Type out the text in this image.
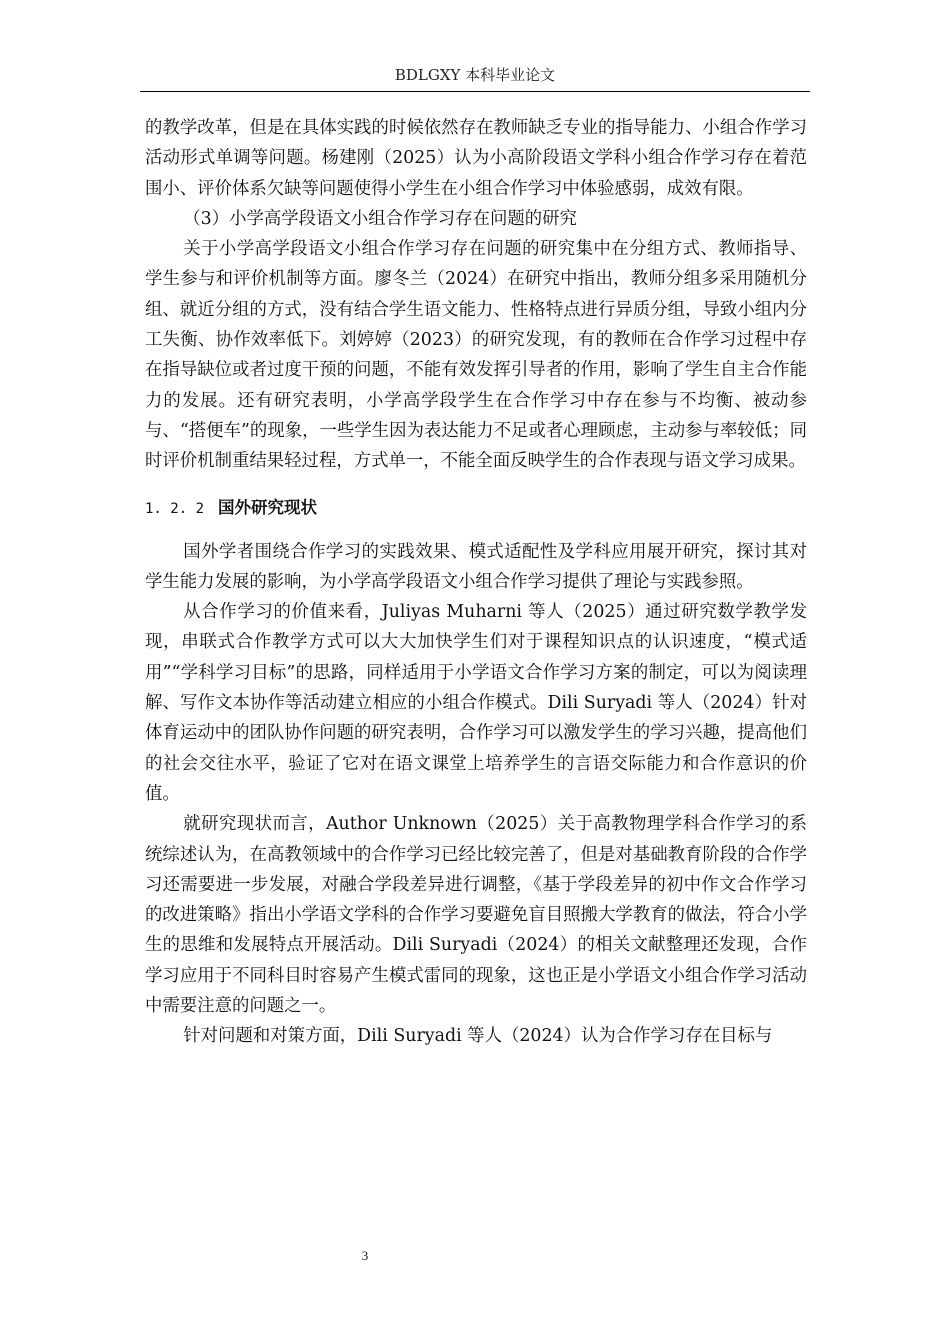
BDLGXY 本科毕业论文

的教学改革，但是在具体实践的时候依然存在教师缺乏专业的指导能力、小组合作学习活动形式单调等问题。杨建刚（2025）认为小高阶段语文学科小组合作学习存在着范围小、评价体系欠缺等问题使得小学生在小组合作学习中体验感弱，成效有限。

（3）小学高学段语文小组合作学习存在问题的研究

关于小学高学段语文小组合作学习存在问题的研究集中在分组方式、教师指导、学生参与和评价机制等方面。廖冬兰（2024）在研究中指出，教师分组多采用随机分组、就近分组的方式，没有结合学生语文能力、性格特点进行异质分组，导致小组内分工失衡、协作效率低下。刘婷婷（2023）的研究发现，有的教师在合作学习过程中存在指导缺位或者过度干预的问题，不能有效发挥引导者的作用，影响了学生自主合作能力的发展。还有研究表明，小学高学段学生在合作学习中存在参与不均衡、被动参与、“搭便车”的现象，一些学生因为表达能力不足或者心理顾虑，主动参与率较低；同时评价机制重结果轻过程，方式单一，不能全面反映学生的合作表现与语文学习成果。

1. 2. 2 国外研究现状

国外学者围绕合作学习的实践效果、模式适配性及学科应用展开研究，探讨其对学生能力发展的影响，为小学高学段语文小组合作学习提供了理论与实践参照。

从合作学习的价值来看，Juliyas Muharni 等人（2025）通过研究数学教学发现，串联式合作教学方式可以大大加快学生们对于课程知识点的认识速度，“模式适用”“学科学习目标”的思路，同样适用于小学语文合作学习方案的制定，可以为阅读理解、写作文本协作等活动建立相应的小组合作模式。Dili Suryadi 等人（2024）针对体育运动中的团队协作问题的研究表明，合作学习可以激发学生的学习兴趣，提高他们的社会交往水平，验证了它对在语文课堂上培养学生的言语交际能力和合作意识的价值。

就研究现状而言，Author Unknown（2025）关于高教物理学科合作学习的系统综述认为，在高教领域中的合作学习已经比较完善了，但是对基础教育阶段的合作学习还需要进一步发展，对融合学段差异进行调整，《基于学段差异的初中作文合作学习的改进策略》指出小学语文学科的合作学习要避免盲目照搬大学教育的做法，符合小学生的思维和发展特点开展活动。Dili Suryadi（2024）的相关文献整理还发现，合作学习应用于不同科目时容易产生模式雷同的现象，这也正是小学语文小组合作学习活动中需要注意的问题之一。

针对问题和对策方面，Dili Suryadi 等人（2024）认为合作学习存在目标与

3
